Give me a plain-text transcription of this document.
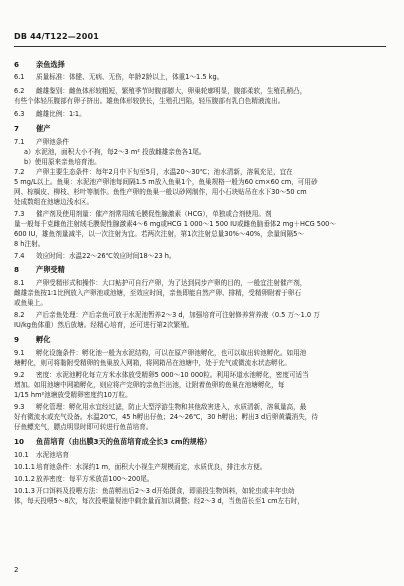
DB 44/T122—2001
6 亲鱼选择
6.1 质量标准：体健、无病、无伤，年龄2龄以上，体重1～1.5 kg。
6.2 雌雄鉴别：雌鱼体形较粗短，繁殖季节时腹部膨大，卵巢轮廓明显，腹部柔软，生殖孔稍凸，
有些个体轻压腹部有卵子挤出。雄鱼体形较狭长，生殖孔凹陷，轻压腹部有乳白色精液流出。
6.3 雌雄比例：1∶1。
7 催产
7.1 产卵池条件
a）水泥池，面积大小不拘，每2～3 m² 投放雌雄亲鱼各1尾。
b）使用原来亲鱼培育池。
7.2 产卵主要生态条件：每年2月中下旬至5月，水温20～30℃；池水清新，溶氧充足，宜在
5 mg/L以上。鱼巢：水泥池产卵池每间隔1.5 m放入鱼巢1个，鱼巢规格一般为60 cm×60 cm，可用砂
网、棕榈皮、柳枝、杉叶等制作。鱼性产卵的鱼巢一般以砂网制作，用小石块贴吊在水下30～50 cm
处成数组在池塘边浅水区。
7.3 催产剂及使用剂量：催产剂常用绒毛膜促性腺激素（HCG），单独或合剂使用。剂
量一般每千克雌鱼注射绒毛膜促性腺激素4～6 mg或HCG 1 000～1 500 IU或雌鱼脑垂体2 mg＋HCG 500～
600 IU，雄鱼剂量减半，以一次注射为宜。若两次注射，第1次注射总量30%～40%，余量间隔5～
8 h注射。
7.4 效应时间：水温22～26℃效应时间18～23 h。
8 产卵受精
8.1 产卵受精形式和操作：大口鲇护可自行产卵，为了达到同步产卵的目的，一般宜注射催产剂，
雌雄亲鱼按1∶1比例放入产卵池或池塘，至效应时间，亲鱼即能自然产卵、排精，受精卵附着于卵石
或鱼巢上。
8.2 产后亲鱼处理：产后亲鱼可放于水泥池暂养2～3 d，加强培育可注射修养营养液（0.5 万～1.0 万
IU/kg鱼体重）然后放塘。经精心培育，还可进行第2次繁殖。
9 孵化
9.1 孵化设施条件：孵化池一般为水泥结构，可以在原产卵池孵化，也可以取出转池孵化。如用池
塘孵化，则可将黏附受精卵的鱼巢放入网箱，将网箱吊在池塘中，处于充气或微流水状态孵化。
9.2 密度：水泥池孵化每立方米水体放受精卵5 000～10 000粒。利用环道水池孵化，密度可适当
增加。如用池塘中网箱孵化，则应将产完卵的亲鱼拦出池，让附着鱼卵的鱼巢在池塘孵化，每
1/15 hm²池塘放受精卵密度约10万粒。
9.3 孵化管理：孵化用水宜经过滤，防止大型浮游生物和其他敌害进入，水质清新，溶氧量高，最
好有微流水或充气设备。水温20℃，45 h孵出仔鱼；24～26℃，30 h孵出；孵出3 d后卵黄囊消失，待
仔鱼鳔充气，膘点明显时即可转进行鱼苗培育。
10 鱼苗培育（由出膜3天的鱼苗培育成全长3 cm的规格）
10.1 水泥池培育
10.1.1培育池条件：水深约1 m，面积大小视生产规模而定，水质优良，排注水方便。
10.1.2放养密度：每平方米放苗100～200尾。
10.1.3开口饵料及投喂方法：鱼苗孵出后2～3 d开始摄食，即需投生物饵料，如轮虫或丰年虫幼
体，每天投喂5～8次，每次投喂量视池中剩余量而加以调整；经2～3 d，当鱼苗长至1 cm左右时，
2
